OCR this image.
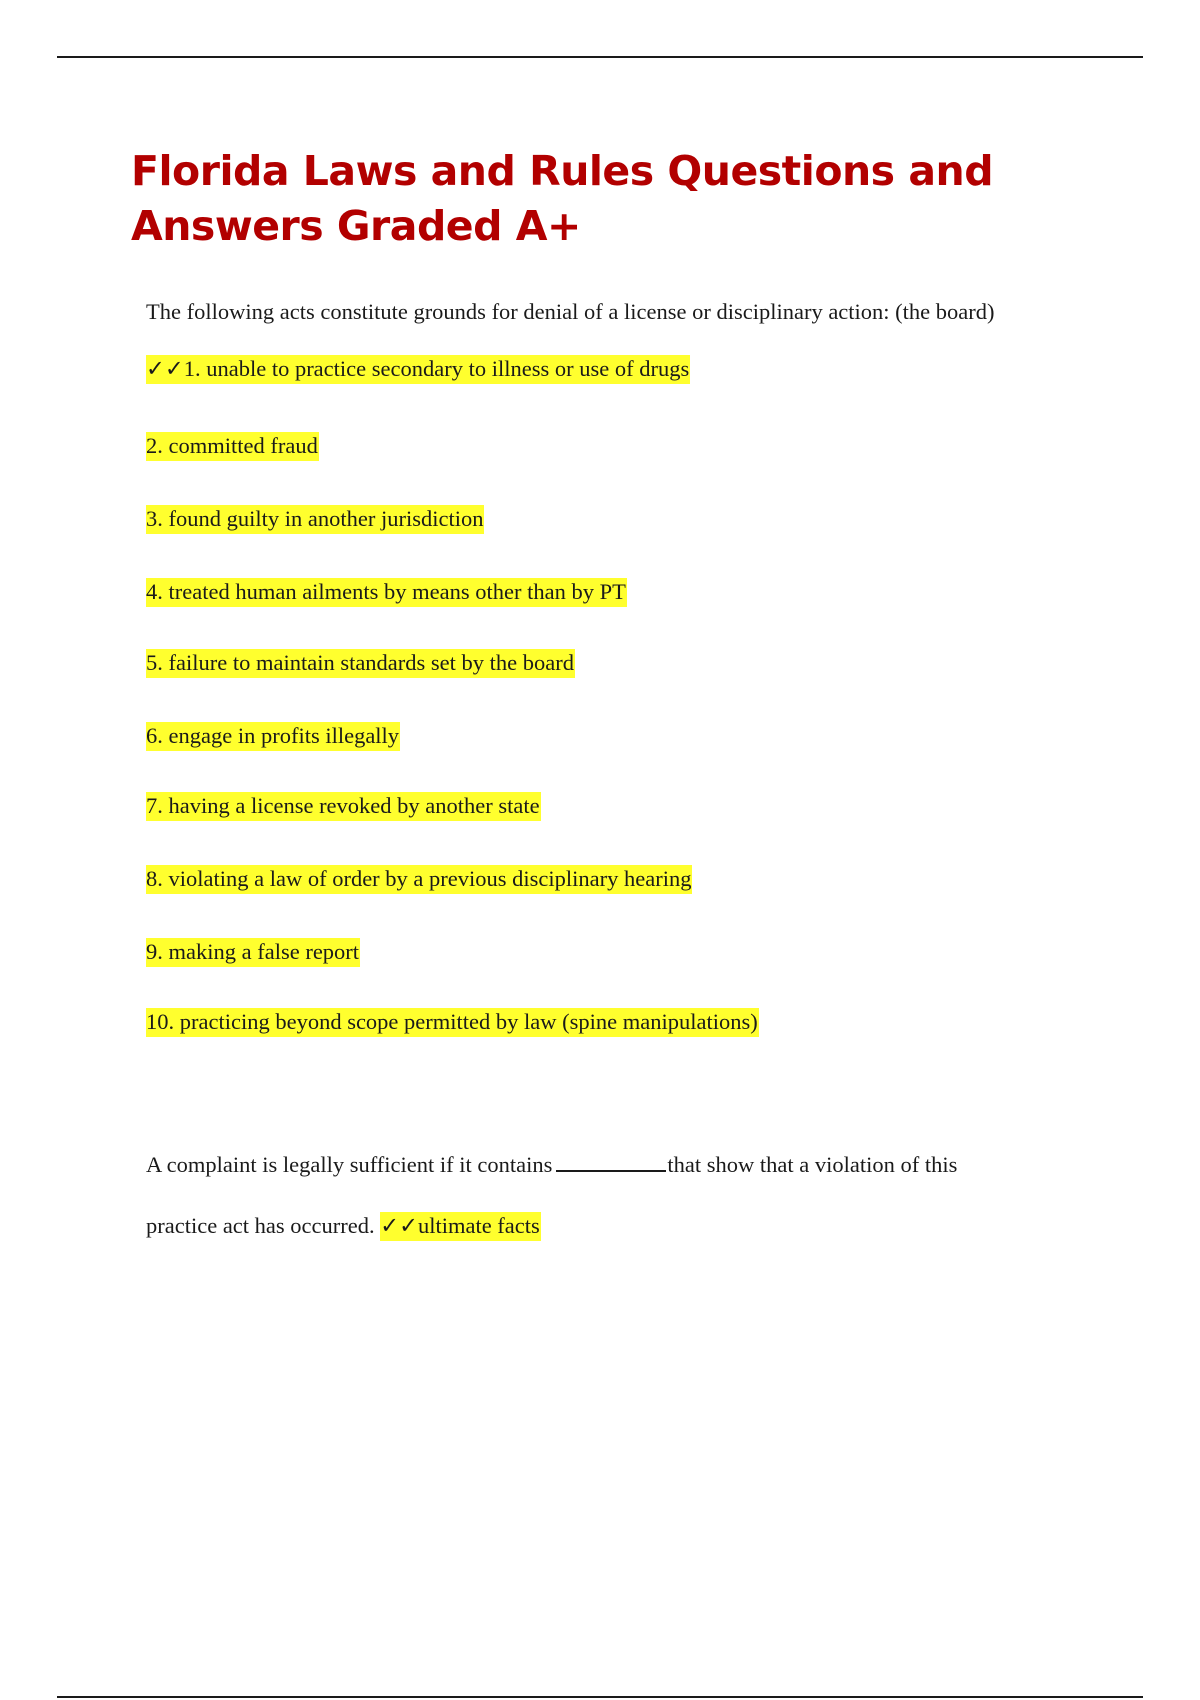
Florida Laws and Rules Questions and Answers Graded A+

The following acts constitute grounds for denial of a license or disciplinary action: (the board)

✓✓1. unable to practice secondary to illness or use of drugs

2. committed fraud

3. found guilty in another jurisdiction

4. treated human ailments by means other than by PT

5. failure to maintain standards set by the board

6. engage in profits illegally

7. having a license revoked by another state

8. violating a law of order by a previous disciplinary hearing

9. making a false report

10. practicing beyond scope permitted by law (spine manipulations)

A complaint is legally sufficient if it contains	that show that a violation of this

practice act has occurred. ✓✓ultimate facts
